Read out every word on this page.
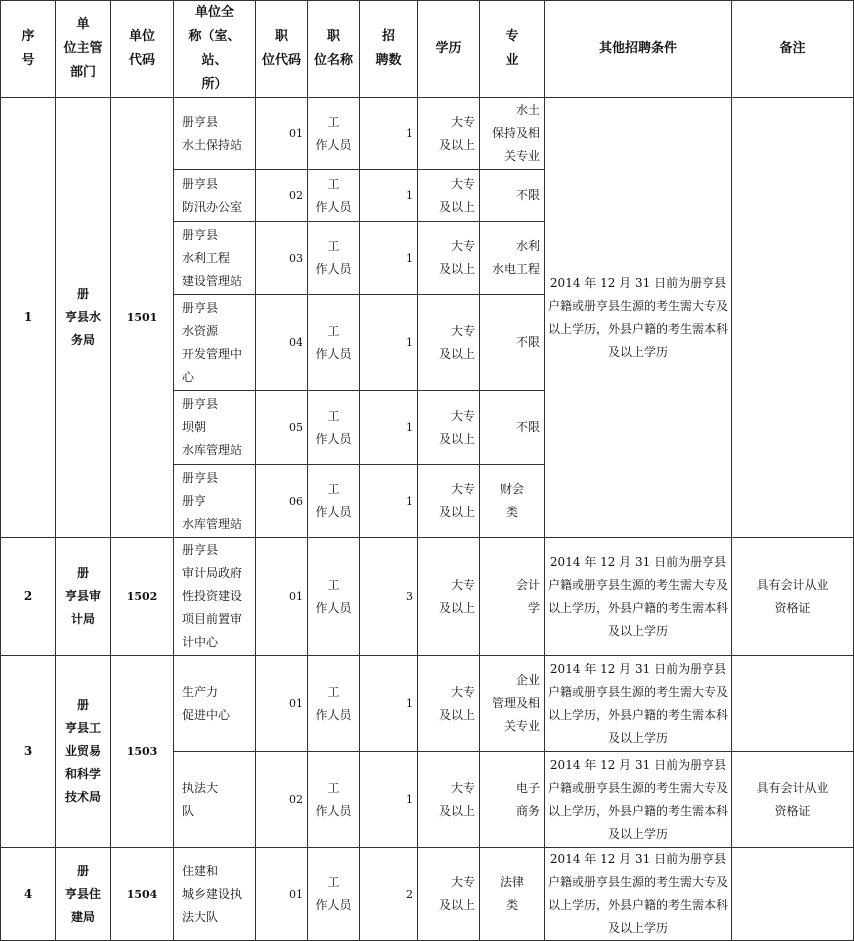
序
号	单
位主管
部门	单位
代码	单位全
称（室、站、
所）	职
位代码	职
位名称	招
聘数	学历	专
业	其他招聘条件	备注
1	册
亨县水
务局	1501	册亨县
水土保持站	01	工
作人员	1	大专
及以上	水土
保持及相
关专业	2014 年 12 月 31 日前为册亨县户籍或册亨县生源的考生需大专及以上学历，外县户籍的考生需本科及以上学历	
			册亨县
防汛办公室	02	工
作人员	1	大专
及以上	不限		
			册亨县
水利工程
建设管理站	03	工
作人员	1	大专
及以上	水利
水电工程		
			册亨县
水资源
开发管理中
心	04	工
作人员	1	大专
及以上	不限		
			册亨县
坝朝
水库管理站	05	工
作人员	1	大专
及以上	不限		
			册亨县
册亨
水库管理站	06	工
作人员	1	大专
及以上	财会
类		
2	册
亨县审
计局	1502	册亨县
审计局政府
性投资建设
项目前置审
计中心	01	工
作人员	3	大专
及以上	会计
学	2014 年 12 月 31 日前为册亨县户籍或册亨县生源的考生需大专及以上学历，外县户籍的考生需本科及以上学历	具有会计从业
资格证
3	册
亨县工
业贸易
和科学
技术局	1503	生产力
促进中心	01	工
作人员	1	大专
及以上	企业
管理及相
关专业	2014 年 12 月 31 日前为册亨县户籍或册亨县生源的考生需大专及以上学历，外县户籍的考生需本科及以上学历	
			执法大
队	02	工
作人员	1	大专
及以上	电子
商务	2014 年 12 月 31 日前为册亨县户籍或册亨县生源的考生需大专及以上学历，外县户籍的考生需本科及以上学历	具有会计从业
资格证
4	册
亨县住
建局	1504	住建和
城乡建设执
法大队	01	工
作人员	2	大专
及以上	法律
类	2014 年 12 月 31 日前为册亨县户籍或册亨县生源的考生需大专及以上学历，外县户籍的考生需本科及以上学历	
